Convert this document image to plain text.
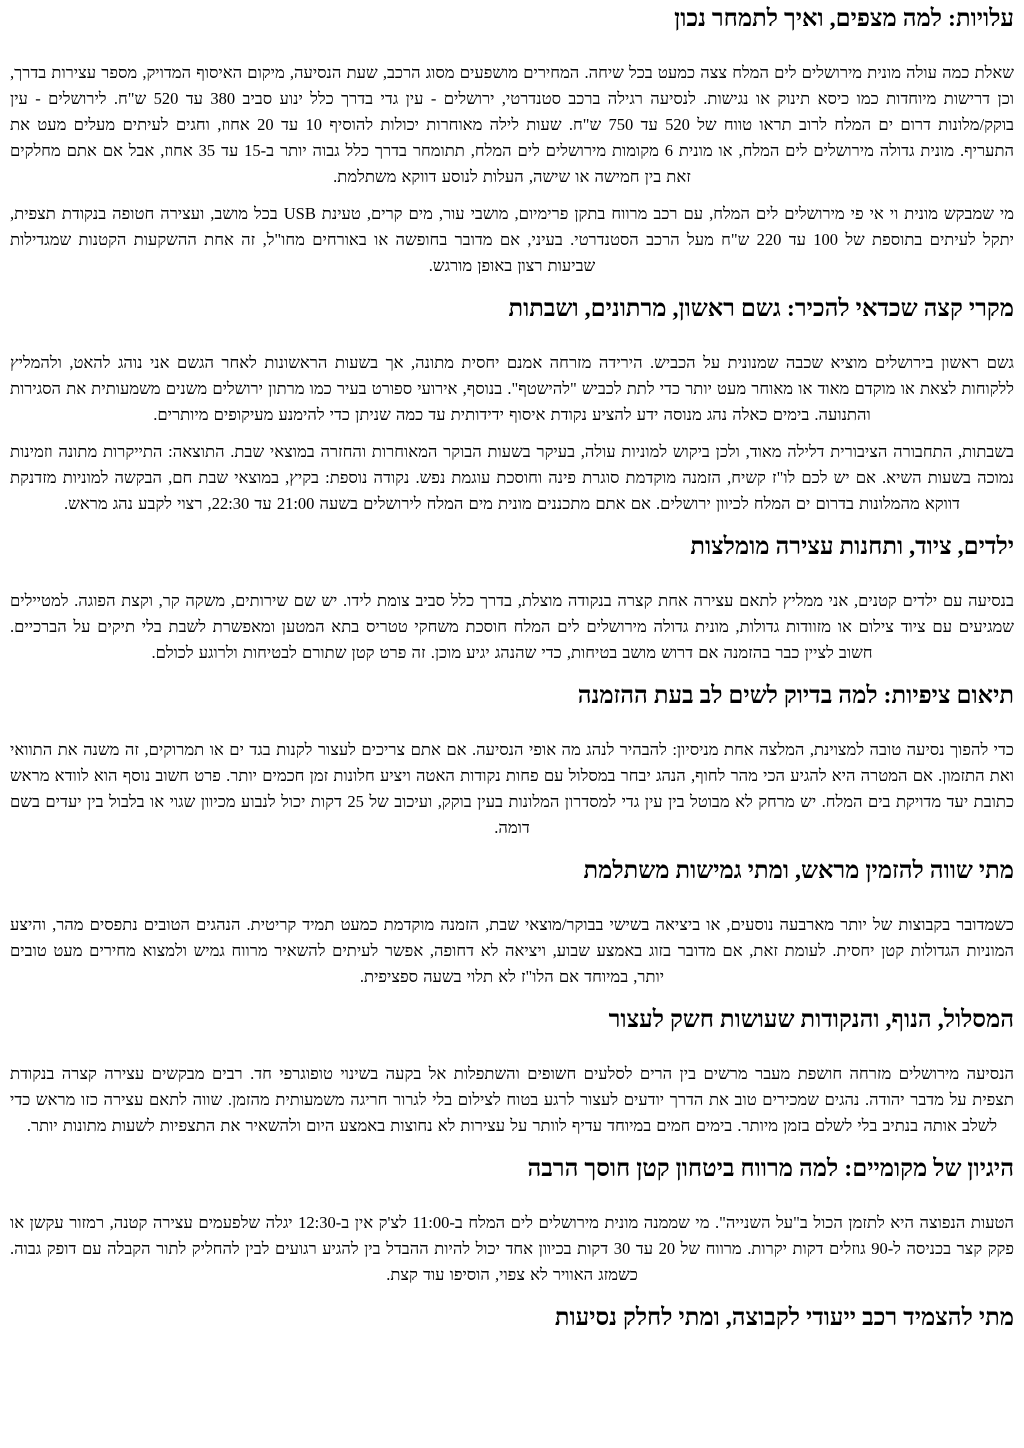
עלויות: למה מצפים, ואיך לתמחר נכון

שאלת כמה עולה מונית מירושלים לים המלח צצה כמעט בכל שיחה. המחירים מושפעים מסוג הרכב, שעת הנסיעה, מיקום האיסוף המדויק, מספר עצירות בדרך, וכן דרישות מיוחדות כמו כיסא תינוק או נגישות. לנסיעה רגילה ברכב סטנדרטי, ירושלים - עין גדי בדרך כלל ינוע סביב 380 עד 520 ש"ח. לירושלים - עין בוקק/מלונות דרום ים המלח לרוב תראו טווח של 520 עד 750 ש"ח. שעות לילה מאוחרות יכולות להוסיף 10 עד 20 אחוז, וחגים לעיתים מעלים מעט את התעריף. מונית גדולה מירושלים לים המלח, או מונית 6 מקומות מירושלים לים המלח, תתומחר בדרך כלל גבוה יותר ב-15 עד 35 אחוז, אבל אם אתם מחלקים זאת בין חמישה או שישה, העלות לנוסע דווקא משתלמת.

מי שמבקש מונית וי אי פי מירושלים לים המלח, עם רכב מרווח בתקן פרימיום, מושבי עור, מים קרים, טעינת USB בכל מושב, ועצירה חטופה בנקודת תצפית, יתקל לעיתים בתוספת של 100 עד 220 ש"ח מעל הרכב הסטנדרטי. בעיני, אם מדובר בחופשה או באורחים מחו"ל, זה אחת ההשקעות הקטנות שמגדילות שביעות רצון באופן מורגש.

מקרי קצה שכדאי להכיר: גשם ראשון, מרתונים, ושבתות

גשם ראשון בירושלים מוציא שכבה שמנונית על הכביש. הירידה מזרחה אמנם יחסית מתונה, אך בשעות הראשונות לאחר הגשם אני נוהג להאט, ולהמליץ ללקוחות לצאת או מוקדם מאוד או מאוחר מעט יותר כדי לתת לכביש "להישטף". בנוסף, אירועי ספורט בעיר כמו מרתון ירושלים משנים משמעותית את הסגירות והתנועה. בימים כאלה נהג מנוסה ידע להציע נקודת איסוף ידידותית עד כמה שניתן כדי להימנע מעיקופים מיותרים.

בשבתות, התחבורה הציבורית דלילה מאוד, ולכן ביקוש למוניות עולה, בעיקר בשעות הבוקר המאוחרות והחזרה במוצאי שבת. התוצאה: התייקרות מתונה וזמינות נמוכה בשעות השיא. אם יש לכם לו"ז קשיח, הזמנה מוקדמת סוגרת פינה וחוסכת עוגמת נפש. נקודה נוספת: בקיץ, במוצאי שבת חם, הבקשה למוניות מזדנקת דווקא מהמלונות בדרום ים המלח לכיוון ירושלים. אם אתם מתכננים מונית מים המלח לירושלים בשעה 21:00 עד 22:30, רצוי לקבע נהג מראש.

ילדים, ציוד, ותחנות עצירה מומלצות

בנסיעה עם ילדים קטנים, אני ממליץ לתאם עצירה אחת קצרה בנקודה מוצלת, בדרך כלל סביב צומת לידו. יש שם שירותים, משקה קר, וקצת הפוגה. למטיילים שמגיעים עם ציוד צילום או מזוודות גדולות, מונית גדולה מירושלים לים המלח חוסכת משחקי טטריס בתא המטען ומאפשרת לשבת בלי תיקים על הברכיים. חשוב לציין כבר בהזמנה אם דרוש מושב בטיחות, כדי שהנהג יגיע מוכן. זה פרט קטן שתורם לבטיחות ולרוגע לכולם.

תיאום ציפיות: למה בדיוק לשים לב בעת ההזמנה

כדי להפוך נסיעה טובה למצוינת, המלצה אחת מניסיון: להבהיר לנהג מה אופי הנסיעה. אם אתם צריכים לעצור לקנות בגד ים או תמרוקים, זה משנה את התוואי ואת התזמון. אם המטרה היא להגיע הכי מהר לחוף, הנהג יבחר במסלול עם פחות נקודות האטה ויציע חלונות זמן חכמים יותר. פרט חשוב נוסף הוא לוודא מראש כתובת יעד מדויקת בים המלח. יש מרחק לא מבוטל בין עין גדי למסדרון המלונות בעין בוקק, ועיכוב של 25 דקות יכול לנבוע מכיוון שגוי או בלבול בין יעדים בשם דומה.

מתי שווה להזמין מראש, ומתי גמישות משתלמת

כשמדובר בקבוצות של יותר מארבעה נוסעים, או ביציאה בשישי בבוקר/מוצאי שבת, הזמנה מוקדמת כמעט תמיד קריטית. הנהגים הטובים נתפסים מהר, והיצע המוניות הגדולות קטן יחסית. לעומת זאת, אם מדובר בזוג באמצע שבוע, ויציאה לא דחופה, אפשר לעיתים להשאיר מרווח גמיש ולמצוא מחירים מעט טובים יותר, במיוחד אם הלו"ז לא תלוי בשעה ספציפית.

המסלול, הנוף, והנקודות שעושות חשק לעצור

הנסיעה מירושלים מזרחה חושפת מעבר מרשים בין הרים לסלעים חשופים והשתפלות אל בקעה בשינוי טופוגרפי חד. רבים מבקשים עצירה קצרה בנקודת תצפית על מדבר יהודה. נהגים שמכירים טוב את הדרך יודעים לעצור לרגע בטוח לצילום בלי לגרור חריגה משמעותית מהזמן. שווה לתאם עצירה כזו מראש כדי לשלב אותה בנתיב בלי לשלם בזמן מיותר. בימים חמים במיוחד עדיף לוותר על עצירות לא נחוצות באמצע היום ולהשאיר את התצפיות לשעות מתונות יותר.

היגיון של מקומיים: למה מרווח ביטחון קטן חוסך הרבה

הטעות הנפוצה היא לתזמן הכול ב"על השנייה". מי שממנה מונית מירושלים לים המלח ב-11:00 לצ'ק אין ב-12:30 יגלה שלפעמים עצירה קטנה, רמזור עקשן או פקק קצר בכניסה ל-90 גוזלים דקות יקרות. מרווח של 20 עד 30 דקות בכיוון אחד יכול להיות ההבדל בין להגיע רגועים לבין להחליק לתור הקבלה עם דופק גבוה. כשמזג האוויר לא צפוי, הוסיפו עוד קצת.

מתי להצמיד רכב ייעודי לקבוצה, ומתי לחלק נסיעות
